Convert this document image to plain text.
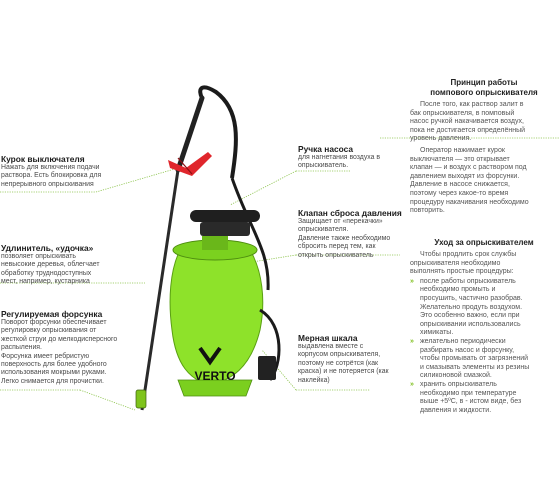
VERTO
Курок выключателя
Нажать для включения подачи
раствора. Есть блокировка для
непрерывного опрыскивания
Удлинитель, «удочка»
позволяет опрыскивать
невысокие деревья, облегчает
обработку труднодоступных
мест, например, кустарника
Регулируемая форсунка
Поворот форсунки обеспечивает
регулировку опрыскивания от
жесткой струи до мелкодисперсного
распыления.
Форсунка имеет ребристую
поверхность для более удобного
использования мокрыми руками.
Легко снимается для прочистки.
Ручка насоса
для нагнетания воздуха в
опрыскиватель.
Клапан сброса давления
Защищает от «перекачки»
опрыскивателя.
Давление также необходимо
сбросить перед тем, как
открыть опрыскиватель
Мерная шкала
выдавлена вместе с
корпусом опрыскивателя,
поэтому не сотрётся (как
краска) и не потеряется (как
наклейка)
Принцип работы
помпового опрыскивателя
После того, как раствор залит в
бак опрыскивателя, в помповый
насос ручкой накачивается воздух,
пока не достигается определённый
уровень давления.
Оператор нажимает курок
выключателя — это открывает
клапан — и воздух с раствором под
давлением выходят из форсунки.
Давление в насосе снижается,
поэтому через какое-то время
процедуру накачивания необходимо
повторить.
Уход за опрыскивателем
Чтобы продлить срок службы
опрыскивателя необходимо
выполнять простые процедуры:
» после работы опрыскиватель
необходимо промыть и
просушить, частично разобрав.
Желательно продуть воздухом.
Это особенно важно, если при
опрыскивании использовались
химикаты.
» желательно периодически
разбирать насос и форсунку,
чтобы промывать от загрязнений
и смазывать элементы из резины
силиконовой смазкой.
» хранить опрыскиватель
необходимо при температуре
выше +5ºС, в - истом виде, без
давления и жидкости.
